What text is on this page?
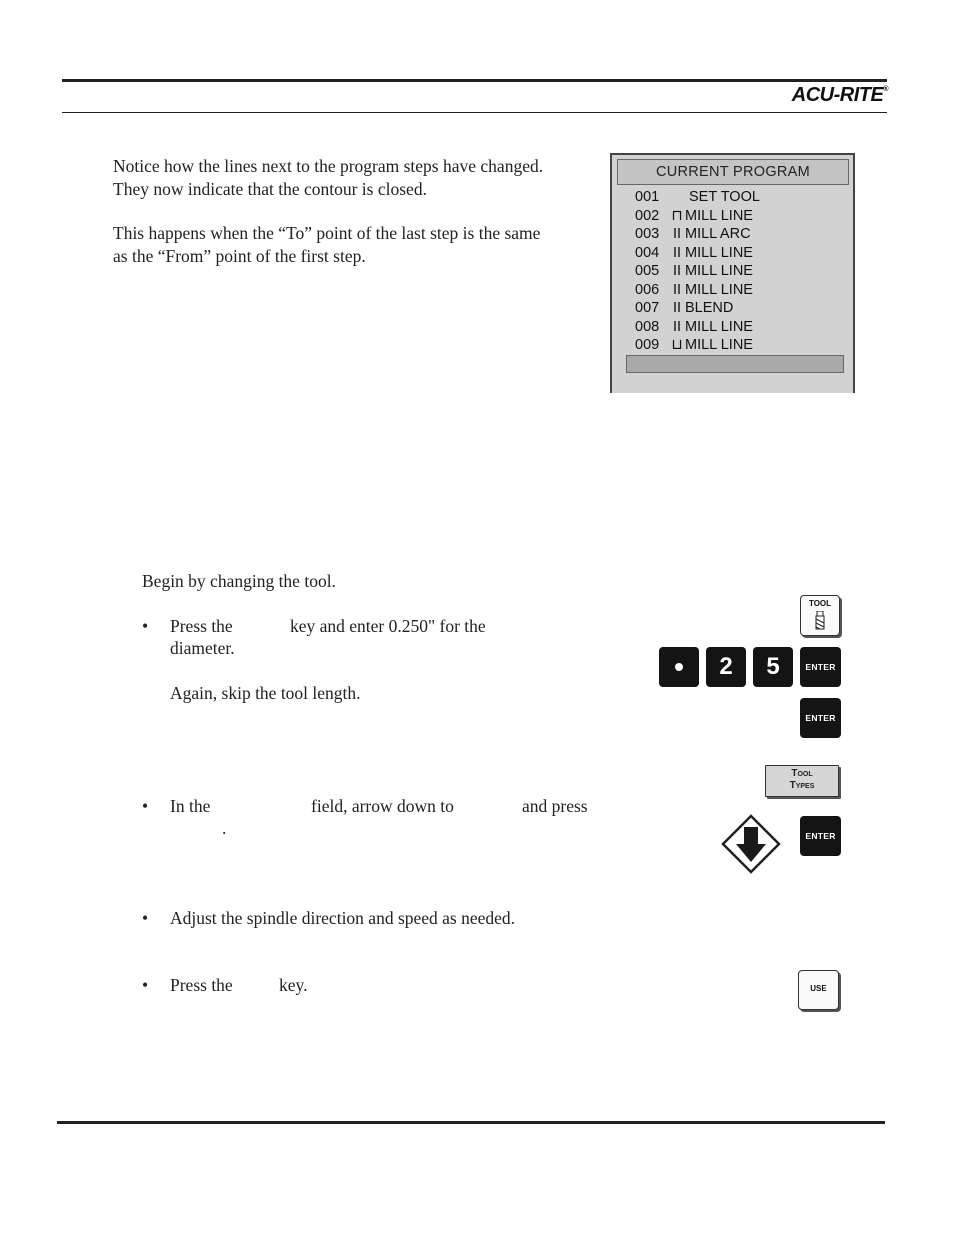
ACU-RITE®
Notice how the lines next to the program steps have changed.
They now indicate that the contour is closed.
This happens when the “To” point of the last step is the same
as the “From” point of the first step.
CURRENT PROGRAM
001 SET TOOL
002 ⊓ MILL LINE
003 II MILL ARC
004 II MILL LINE
005 II MILL LINE
006 II MILL LINE
007 II BLEND
008 II MILL LINE
009 ⊔ MILL LINE
Begin by changing the tool.
• Press the	key and enter 0.250" for the
diameter.
Again, skip the tool length.
• In the	field, arrow down to	and press
.
• Adjust the spindle direction and speed as needed.
• Press the	key.
TOOL
2	5	ENTER
ENTER
Tool
Types
ENTER
USE
